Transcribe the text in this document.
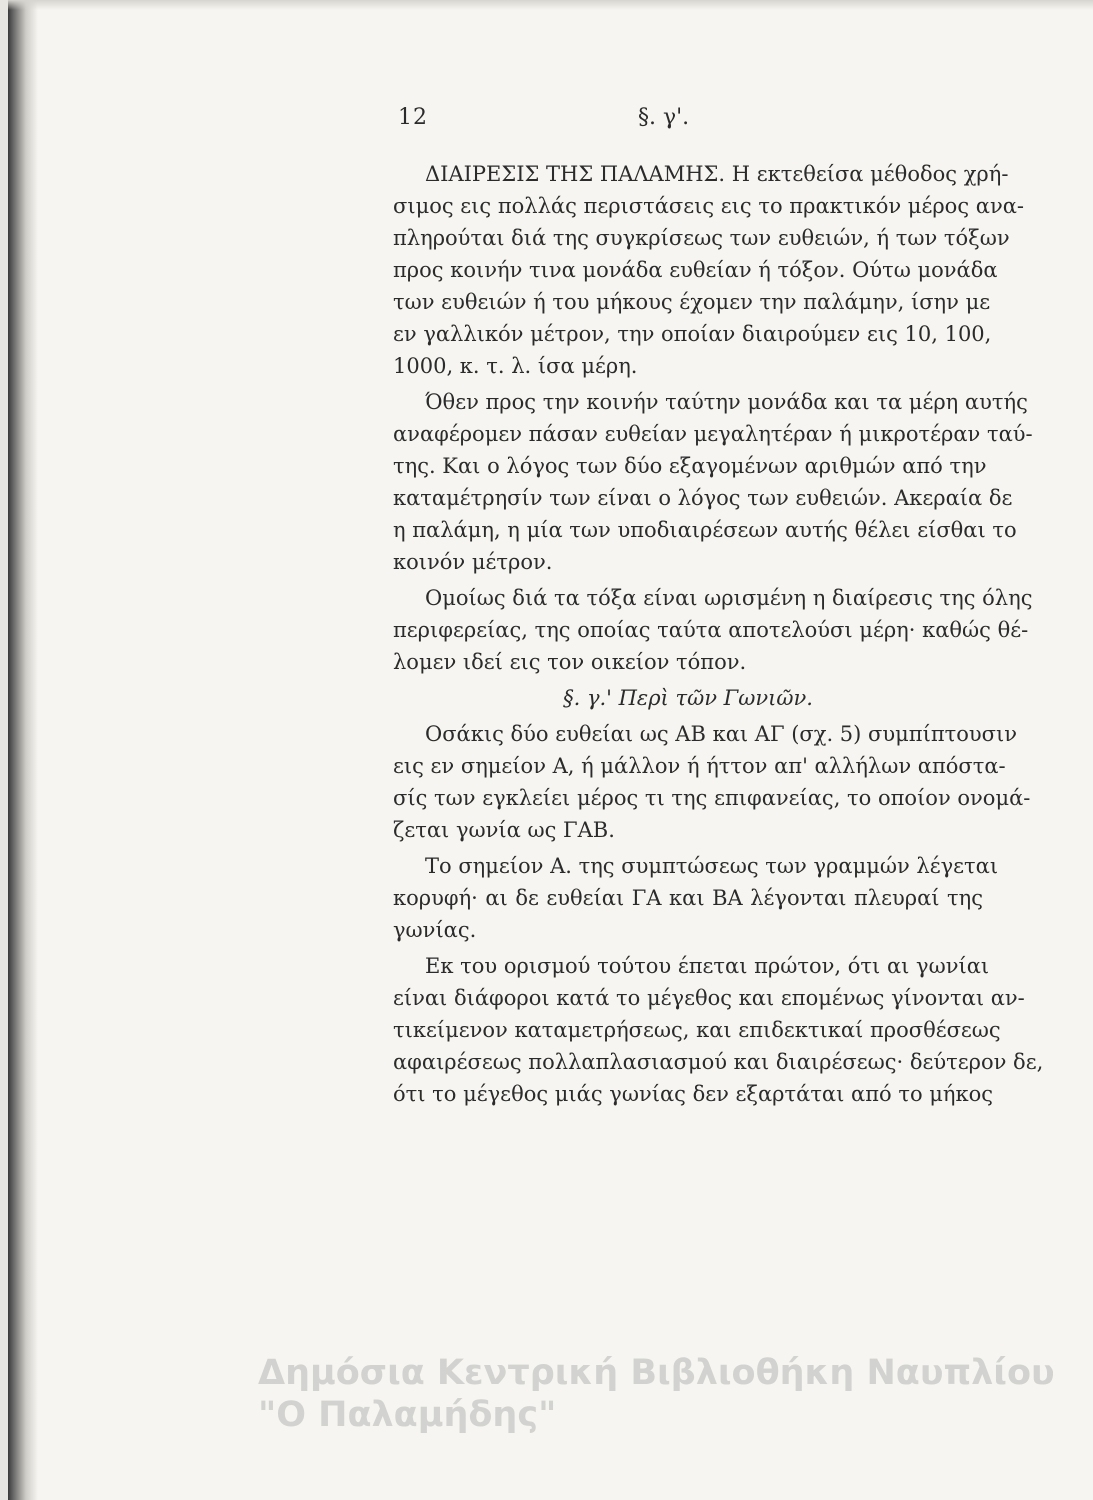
12	§. γ'.
ΔΙΑΙΡΕΣΙΣ ΤΗΣ ΠΑΛΑΜΗΣ. Η εκτεθείσα μέθοδος χρή-
σιμος εις πολλάς περιστάσεις εις το πρακτικόν μέρος ανα-
πληρούται διά της συγκρίσεως των ευθειών, ή των τόξων
προς κοινήν τινα μονάδα ευθείαν ή τόξον. Ούτω μονάδα
των ευθειών ή του μήκους έχομεν την παλάμην, ίσην με
εν γαλλικόν μέτρον, την οποίαν διαιρούμεν εις 10, 100,
1000, κ. τ. λ. ίσα μέρη.
Όθεν προς την κοινήν ταύτην μονάδα και τα μέρη αυτής
αναφέρομεν πάσαν ευθείαν μεγαλητέραν ή μικροτέραν ταύ-
της. Και ο λόγος των δύο εξαγομένων αριθμών από την
καταμέτρησίν των είναι ο λόγος των ευθειών. Ακεραία δε
η παλάμη, η μία των υποδιαιρέσεων αυτής θέλει είσθαι το
κοινόν μέτρον.
Ομοίως διά τα τόξα είναι ωρισμένη η διαίρεσις της όλης
περιφερείας, της οποίας ταύτα αποτελούσι μέρη· καθώς θέ-
λομεν ιδεί εις τον οικείον τόπον.
§. γ.' Περὶ τῶν Γωνιῶν.
Οσάκις δύο ευθείαι ως ΑΒ και ΑΓ (σχ. 5) συμπίπτουσιν
εις εν σημείον Α, ή μάλλον ή ήττον απ' αλλήλων απόστα-
σίς των εγκλείει μέρος τι της επιφανείας, το οποίον ονομά-
ζεται γωνία ως ΓΑΒ.
Το σημείον Α. της συμπτώσεως των γραμμών λέγεται
κορυφή· αι δε ευθείαι ΓΑ και ΒΑ λέγονται πλευραί της
γωνίας.
Εκ του ορισμού τούτου έπεται πρώτον, ότι αι γωνίαι
είναι διάφοροι κατά το μέγεθος και επομένως γίνονται αν-
τικείμενον καταμετρήσεως, και επιδεκτικαί προσθέσεως
αφαιρέσεως πολλαπλασιασμού και διαιρέσεως· δεύτερον δε,
ότι το μέγεθος μιάς γωνίας δεν εξαρτάται από το μήκος
Δημόσια Κεντρική Βιβλιοθήκη Ναυπλίου
"Ο Παλαμήδης"
